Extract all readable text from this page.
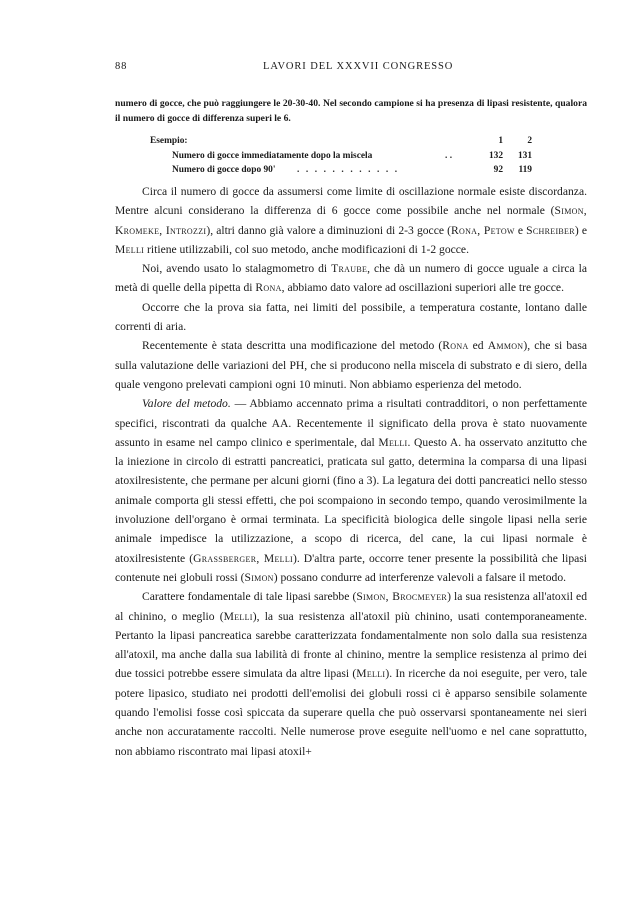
88	LAVORI DEL XXXVII CONGRESSO
numero di gocce, che può raggiungere le 20-30-40. Nel secondo campione si ha presenza di lipasi resistente, qualora il numero di gocce di differenza superi le 6.
Esempio:	1	2
Numero di gocce immediatamente dopo la miscela	. .	132	131
Numero di gocce dopo 90' . . . . . . . . . . . .	92	119

Circa il numero di gocce da assumersi come limite di oscillazione normale esiste discordanza. Mentre alcuni considerano la differenza di 6 gocce come possibile anche nel normale (Simon, Kromeke, Introzzi), altri danno già valore a diminuzioni di 2-3 gocce (Rona, Petow e Schreiber) e Melli ritiene utilizzabili, col suo metodo, anche modificazioni di 1-2 gocce.

Noi, avendo usato lo stalagmometro di Traube, che dà un numero di gocce uguale a circa la metà di quelle della pipetta di Rona, abbiamo dato valore ad oscillazioni superiori alle tre gocce.

Occorre che la prova sia fatta, nei limiti del possibile, a temperatura costante, lontano dalle correnti di aria.

Recentemente è stata descritta una modificazione del metodo (Rona ed Ammon), che si basa sulla valutazione delle variazioni del PH, che si producono nella miscela di substrato e di siero, della quale vengono prelevati campioni ogni 10 minuti. Non abbiamo esperienza del metodo.

Valore del metodo. — Abbiamo accennato prima a risultati contradditori, o non perfettamente specifici, riscontrati da qualche AA. Recentemente il significato della prova è stato nuovamente assunto in esame nel campo clinico e sperimentale, dal Melli. Questo A. ha osservato anzitutto che la iniezione in circolo di estratti pancreatici, praticata sul gatto, determina la comparsa di una lipasi atoxilresistente, che permane per alcuni giorni (fino a 3). La legatura dei dotti pancreatici nello stesso animale comporta gli stessi effetti, che poi scompaiono in secondo tempo, quando verosimilmente la involuzione dell'organo è ormai terminata. La specificità biologica delle singole lipasi nella serie animale impedisce la utilizzazione, a scopo di ricerca, del cane, la cui lipasi normale è atoxilresistente (Grassberger, Melli). D'altra parte, occorre tener presente la possibilità che lipasi contenute nei globuli rossi (Simon) possano condurre ad interferenze valevoli a falsare il metodo.

Carattere fondamentale di tale lipasi sarebbe (Simon, Brocmeyer) la sua resistenza all'atoxil ed al chinino, o meglio (Melli), la sua resistenza all'atoxil più chinino, usati contemporaneamente. Pertanto la lipasi pancreatica sarebbe caratterizzata fondamentalmente non solo dalla sua resistenza all'atoxil, ma anche dalla sua labilità di fronte al chinino, mentre la semplice resistenza al primo dei due tossici potrebbe essere simulata da altre lipasi (Melli). In ricerche da noi eseguite, per vero, tale potere lipasico, studiato nei prodotti dell'emolisi dei globuli rossi ci è apparso sensibile solamente quando l'emolisi fosse così spiccata da superare quella che può osservarsi spontaneamente nei sieri anche non accuratamente raccolti. Nelle numerose prove eseguite nell'uomo e nel cane soprattutto, non abbiamo riscontrato mai lipasi atoxil+
